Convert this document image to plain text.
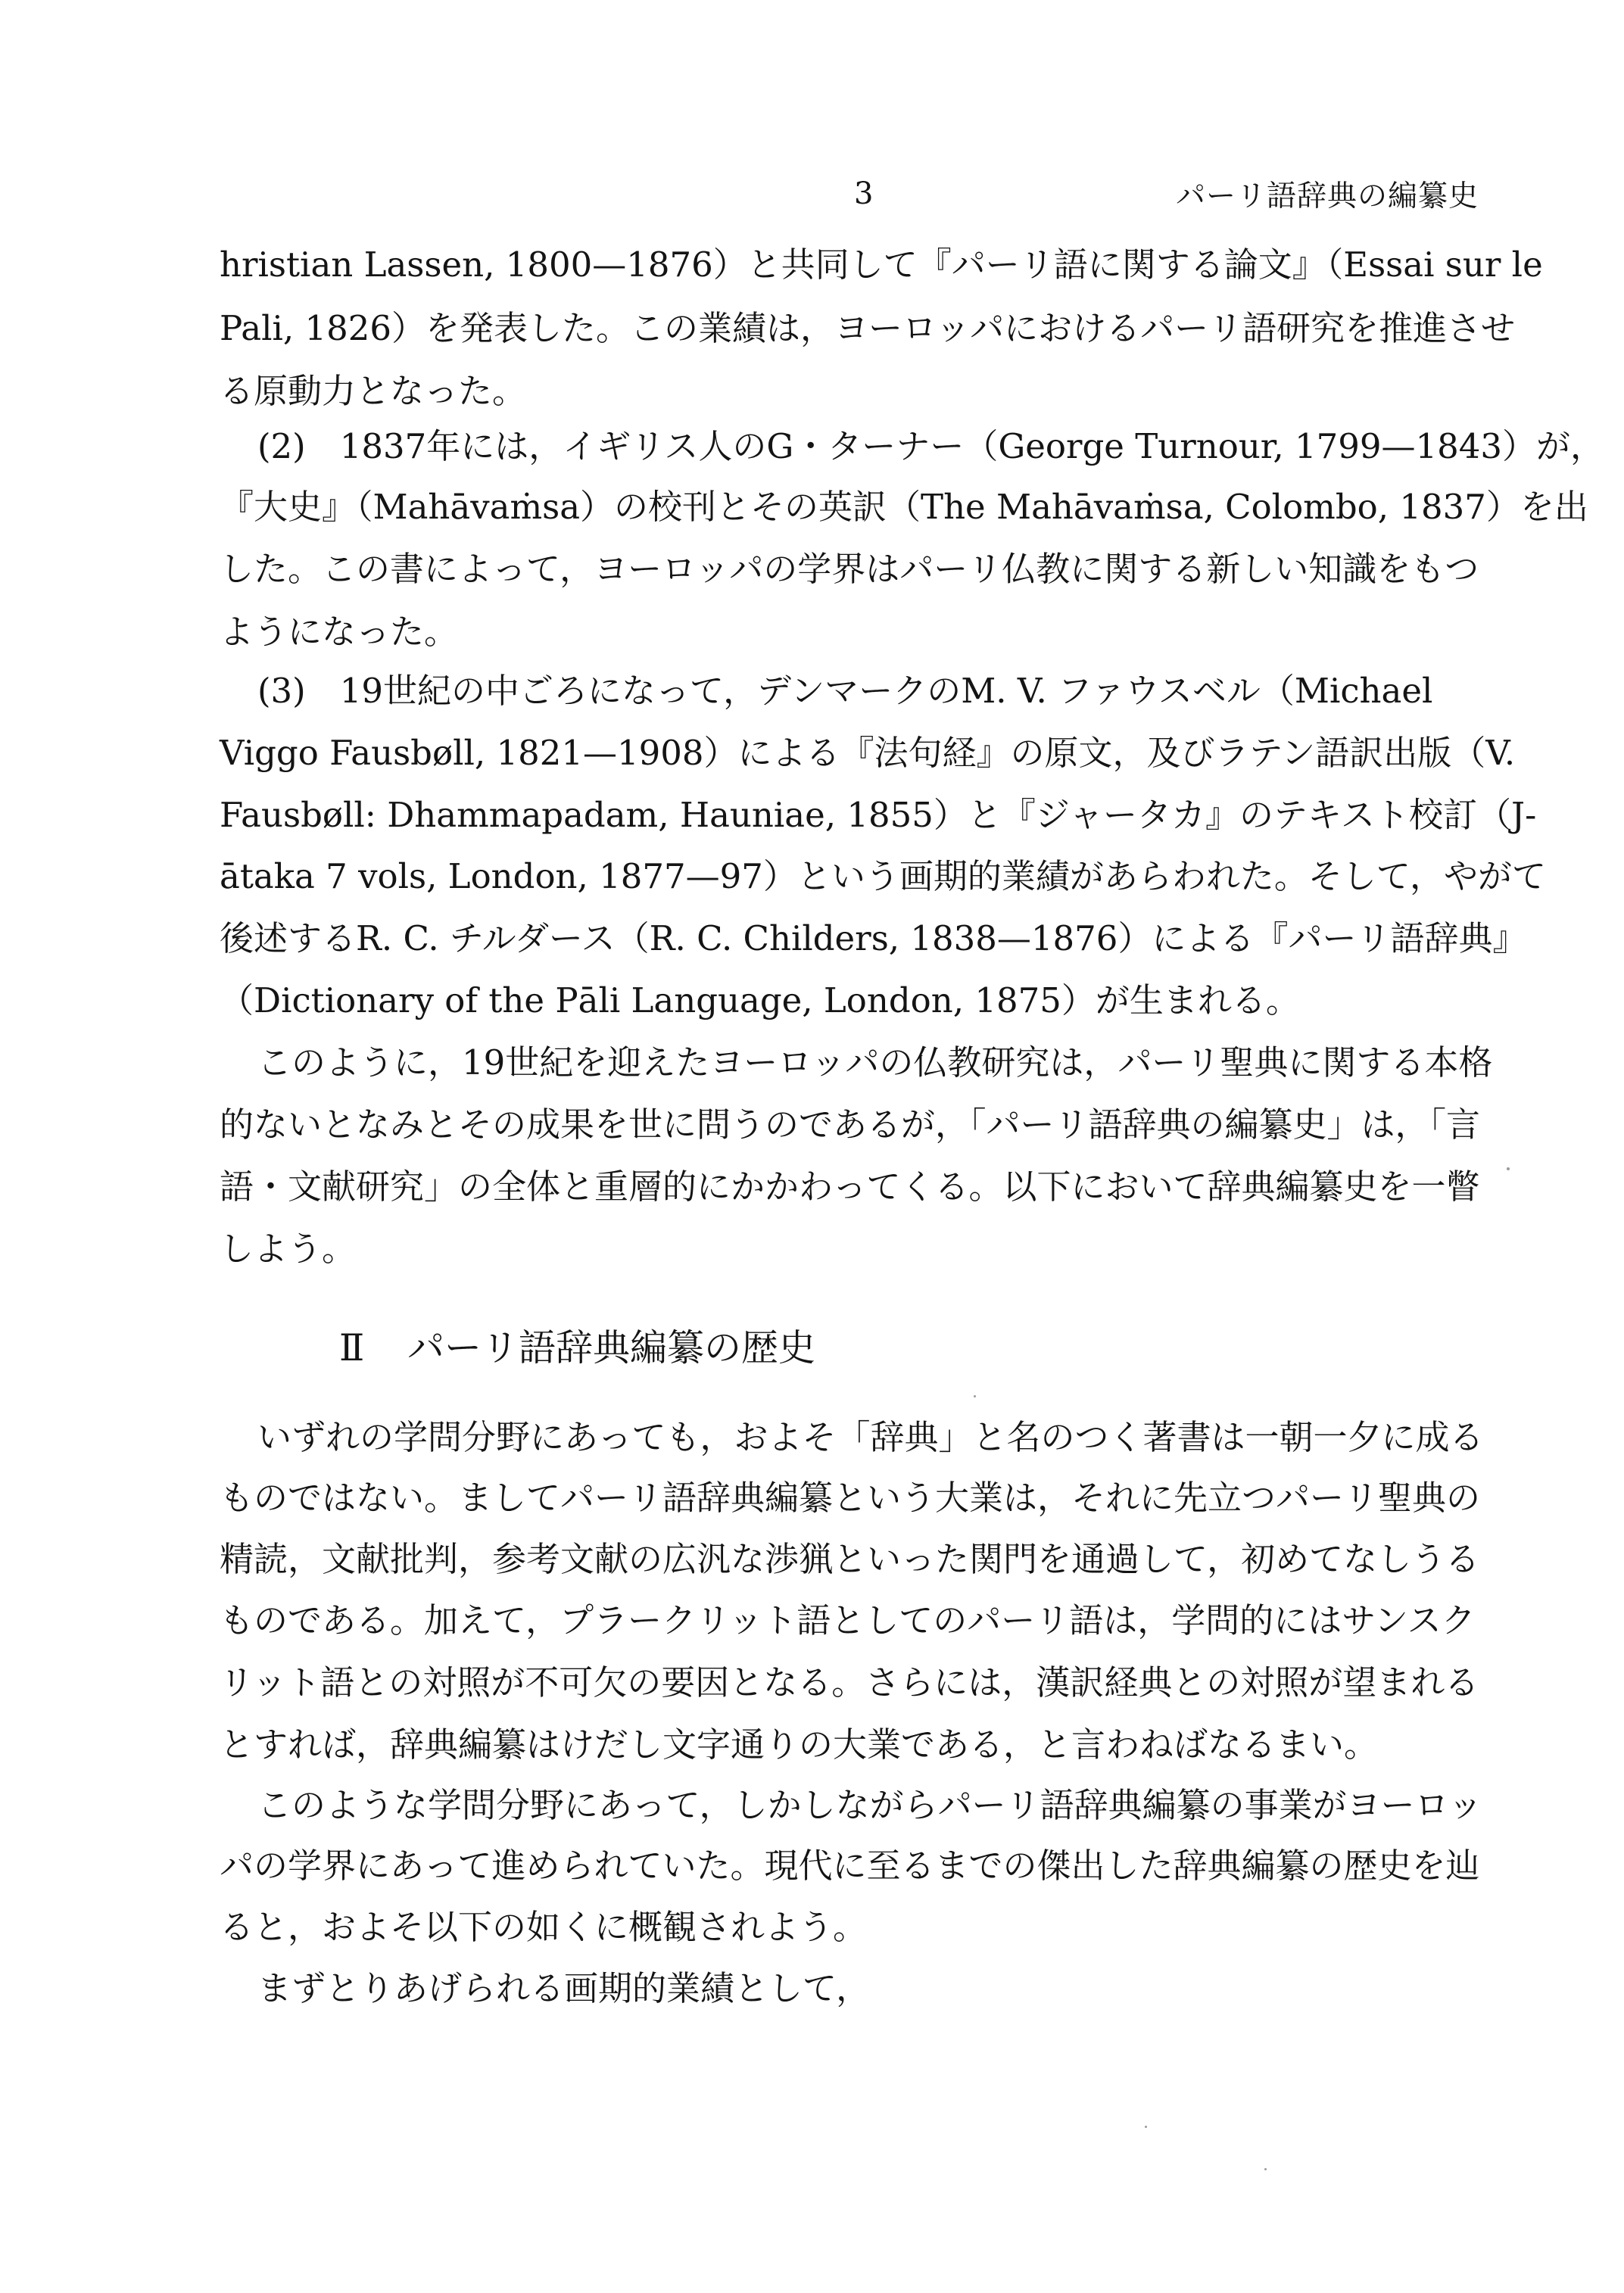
3	パーリ語辞典の編纂史
hristian Lassen, 1800—1876）と共同して『パーリ語に関する論文』（Essai sur le
Pali, 1826）を発表した。この業績は，ヨーロッパにおけるパーリ語研究を推進させ
る原動力となった。
(2)　1837年には，イギリス人のG・ターナー（George Turnour, 1799—1843）が，
『大史』（Mahāvaṁsa）の校刊とその英訳（The Mahāvaṁsa, Colombo, 1837）を出
した。この書によって，ヨーロッパの学界はパーリ仏教に関する新しい知識をもつ
ようになった。
(3)　19世紀の中ごろになって，デンマークのM. V. ファウスベル（Michael
Viggo Fausbøll, 1821—1908）による『法句経』の原文，及びラテン語訳出版（V.
Fausbøll: Dhammapadam, Hauniae, 1855）と『ジャータカ』のテキスト校訂（J-
ātaka 7 vols, London, 1877—97）という画期的業績があらわれた。そして，やがて
後述するR. C. チルダース（R. C. Childers, 1838—1876）による『パーリ語辞典』
（Dictionary of the Pāli Language, London, 1875）が生まれる。
このように，19世紀を迎えたヨーロッパの仏教研究は，パーリ聖典に関する本格
的ないとなみとその成果を世に問うのであるが，「パーリ語辞典の編纂史」は，「言
語・文献研究」の全体と重層的にかかわってくる。以下において辞典編纂史を一瞥
しよう。
Ⅱ パーリ語辞典編纂の歴史
いずれの学問分野にあっても，およそ「辞典」と名のつく著書は一朝一夕に成る
ものではない。ましてパーリ語辞典編纂という大業は，それに先立つパーリ聖典の
精読，文献批判，参考文献の広汎な渉猟といった関門を通過して，初めてなしうる
ものである。加えて，プラークリット語としてのパーリ語は，学問的にはサンスク
リット語との対照が不可欠の要因となる。さらには，漢訳経典との対照が望まれる
とすれば，辞典編纂はけだし文字通りの大業である，と言わねばなるまい。
このような学問分野にあって，しかしながらパーリ語辞典編纂の事業がヨーロッ
パの学界にあって進められていた。現代に至るまでの傑出した辞典編纂の歴史を辿
ると，およそ以下の如くに概観されよう。
まずとりあげられる画期的業績として，
